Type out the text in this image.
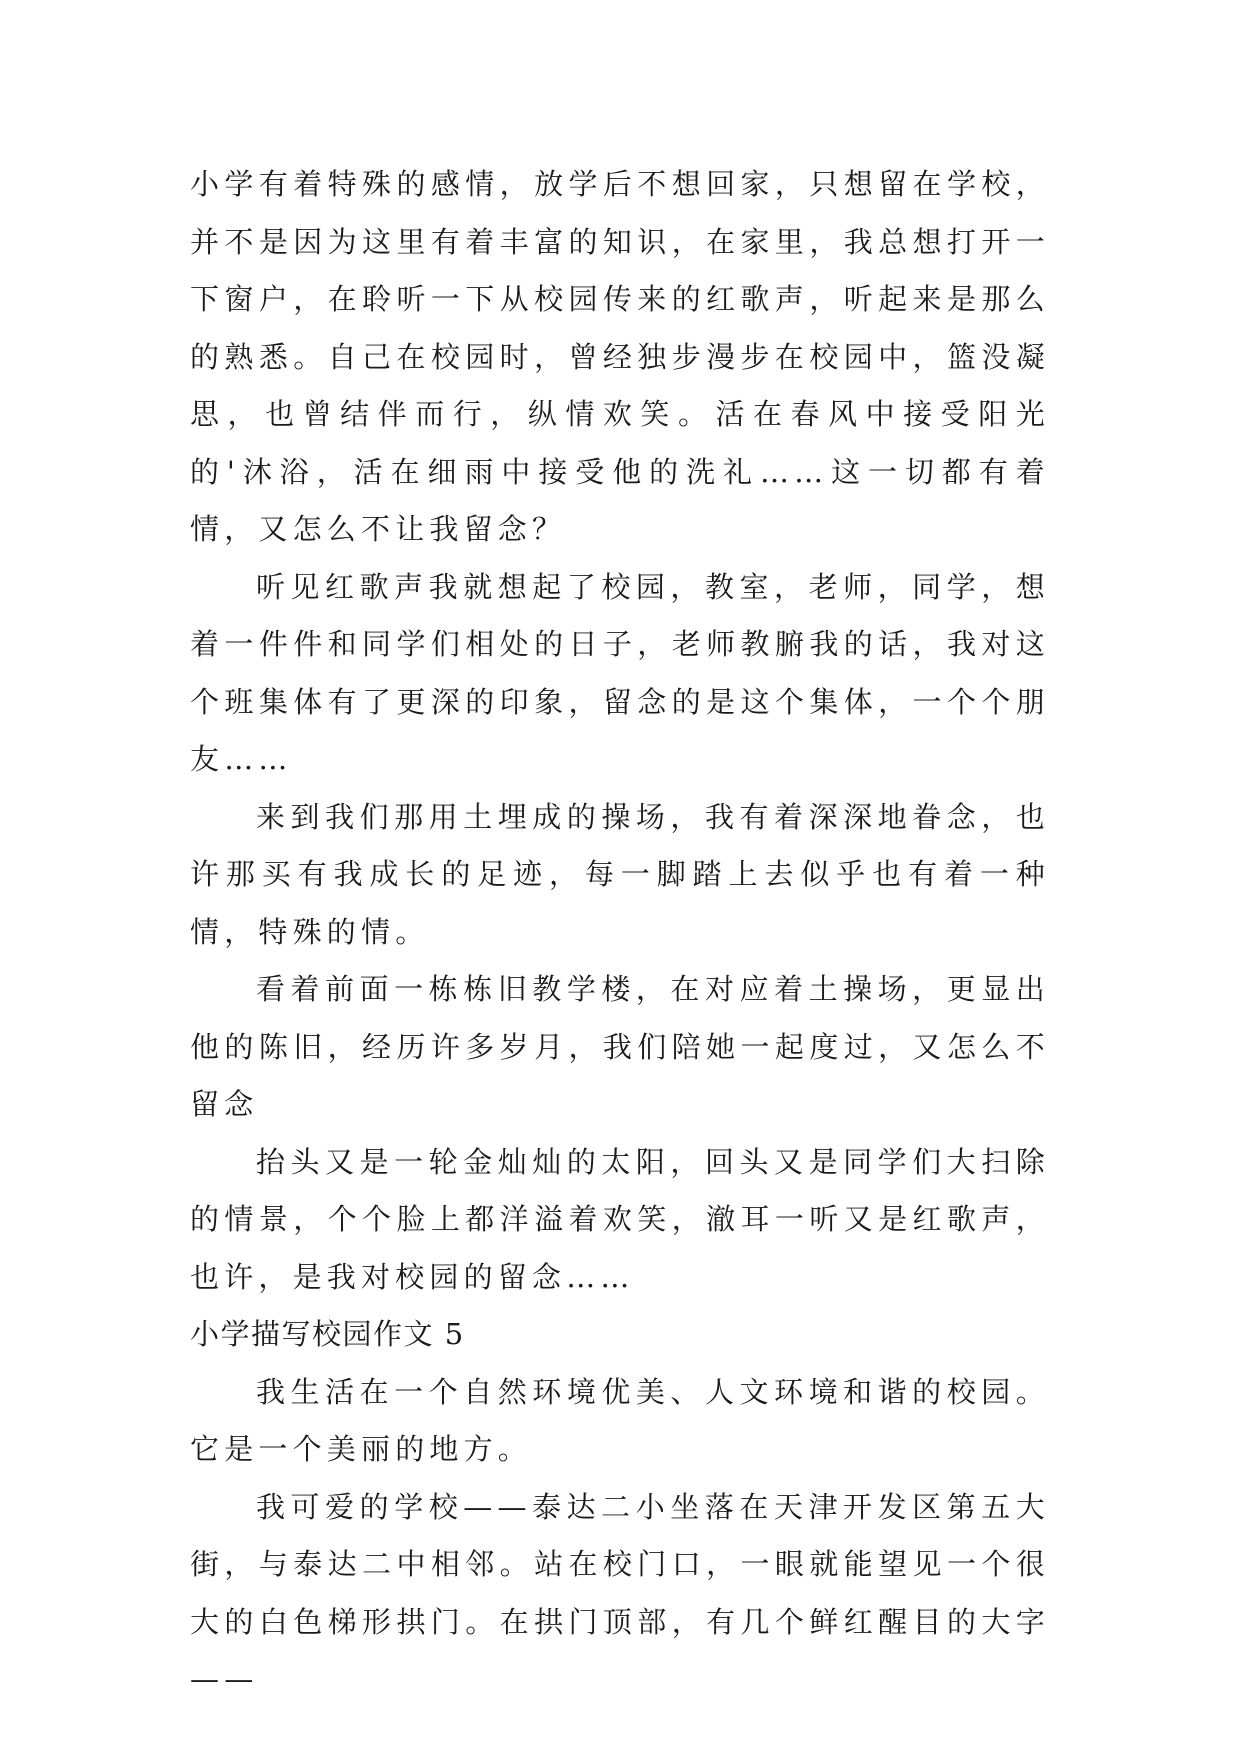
小学有着特殊的感情，放学后不想回家，只想留在学校，并不是因为这里有着丰富的知识，在家里，我总想打开一下窗户，在聆听一下从校园传来的红歌声，听起来是那么的熟悉。自己在校园时，曾经独步漫步在校园中，篮没凝思，也曾结伴而行，纵情欢笑。活在春风中接受阳光的'沐浴，活在细雨中接受他的洗礼……这一切都有着情，又怎么不让我留念？

听见红歌声我就想起了校园，教室，老师，同学，想着一件件和同学们相处的日子，老师教腑我的话，我对这个班集体有了更深的印象，留念的是这个集体，一个个朋友……

来到我们那用土埋成的操场，我有着深深地眷念，也许那买有我成长的足迹，每一脚踏上去似乎也有着一种情，特殊的情。

看着前面一栋栋旧教学楼，在对应着土操场，更显出他的陈旧，经历许多岁月，我们陪她一起度过，又怎么不留念

抬头又是一轮金灿灿的太阳，回头又是同学们大扫除的情景，个个脸上都洋溢着欢笑，澈耳一听又是红歌声，也许，是我对校园的留念……

小学描写校园作文 5

我生活在一个自然环境优美、人文环境和谐的校园。它是一个美丽的地方。

我可爱的学校——泰达二小坐落在天津开发区第五大街，与泰达二中相邻。站在校门口，一眼就能望见一个很大的白色梯形拱门。在拱门顶部，有几个鲜红醒目的大字——
